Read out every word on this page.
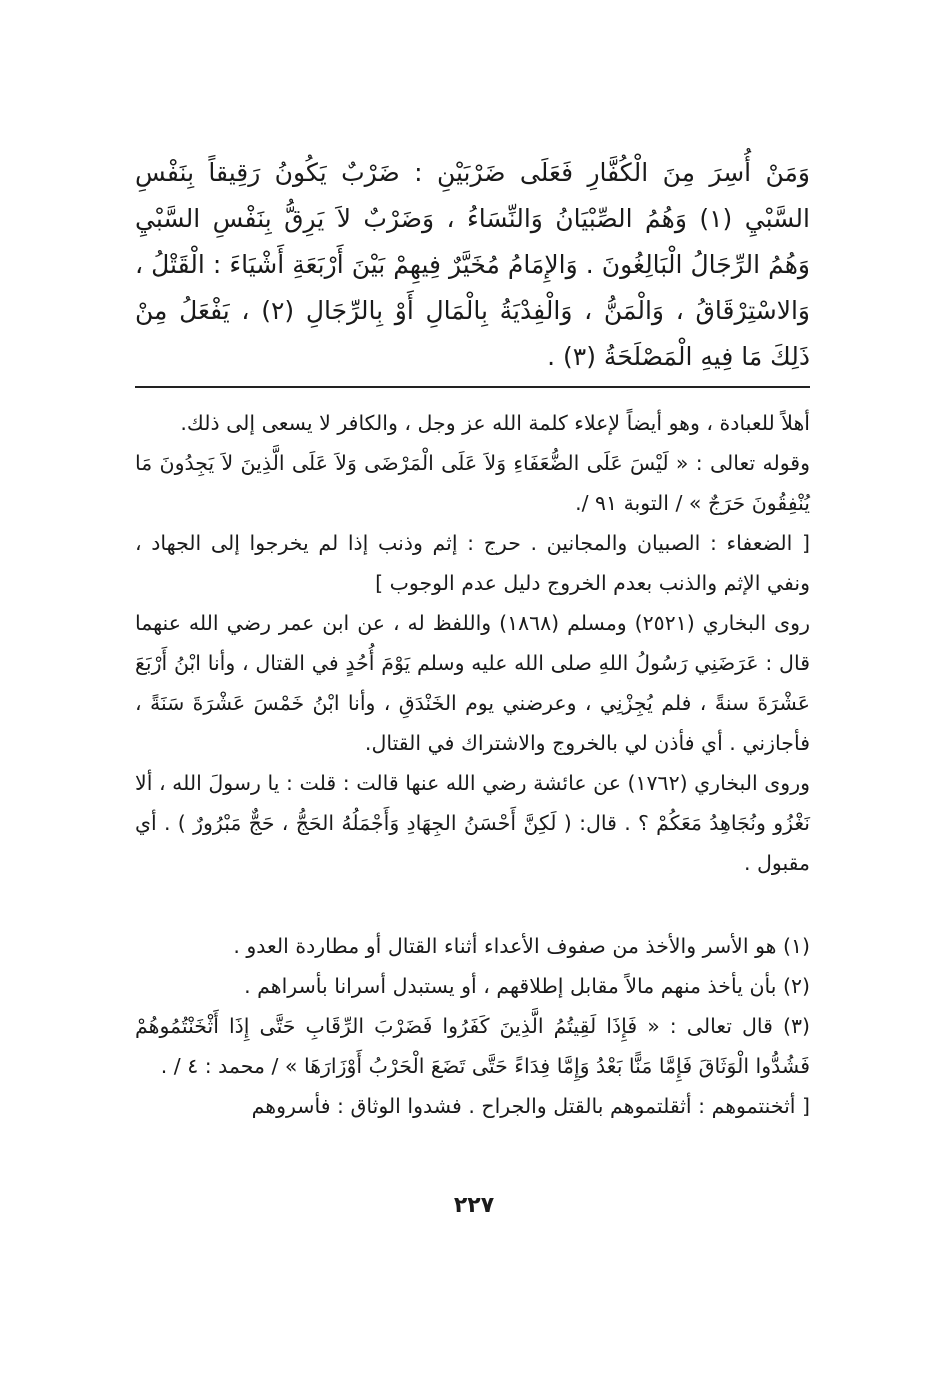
وَمَنْ أُسِرَ مِنَ الْكُفَّارِ فَعَلَى ضَرْبَيْنِ : ضَرْبٌ يَكُونُ رَقِيقاً بِنَفْسِ السَّبْيِ (١) وَهُمُ الصِّبْيَانُ وَالنِّسَاءُ ، وَضَرْبٌ لاَ يَرِقُّ بِنَفْسِ السَّبْيِ وَهُمُ الرِّجَالُ الْبَالِغُونَ . وَالإِمَامُ مُخَيَّرٌ فِيهِمْ بَيْنَ أَرْبَعَةِ أَشْيَاءَ : الْقَتْلُ ، وَالاسْتِرْقَاقُ ، وَالْمَنُّ ، وَالْفِدْيَةُ بِالْمَالِ أَوْ بِالرِّجَالِ (٢) ، يَفْعَلُ مِنْ ذَلِكَ مَا فِيهِ الْمَصْلَحَةُ (٣) .

أهلاً للعبادة ، وهو أيضاً لإعلاء كلمة الله عز وجل ، والكافر لا يسعى إلى ذلك.

وقوله تعالى : « لَيْسَ عَلَى الضُّعَفَاءِ وَلاَ عَلَى الْمَرْضَى وَلاَ عَلَى الَّذِينَ لاَ يَجِدُونَ مَا يُنْفِقُونَ حَرَجٌ » / التوبة ٩١ /.

[ الضعفاء : الصبيان والمجانين . حرج : إثم وذنب إذا لم يخرجوا إلى الجهاد ، ونفي الإثم والذنب بعدم الخروج دليل عدم الوجوب ]

روى البخاري (٢٥٢١) ومسلم (١٨٦٨) واللفظ له ، عن ابن عمر رضي الله عنهما قال : عَرَضَنِي رَسُولُ اللهِ صلى الله عليه وسلم يَوْمَ أُحُدٍ في القتال ، وأنا ابْنُ أَرْبَعَ عَشْرَةَ سنةً ، فلم يُجِزْنِي ، وعرضني يوم الخَنْدَقِ ، وأنا ابْنُ خَمْسَ عَشْرَةَ سَنَةً ، فأجازني . أي فأذن لي بالخروج والاشتراك في القتال.

وروى البخاري (١٧٦٢) عن عائشة رضي الله عنها قالت : قلت : يا رسولَ الله ، ألا نَغْزُو ونُجَاهِدُ مَعَكُمْ ؟ . قال: ( لَكِنَّ أَحْسَنُ الجِهَادِ وَأَجْمَلُهُ الحَجُّ ، حَجٌّ مَبْرُورٌ ) . أي مقبول .

(١) هو الأسر والأخذ من صفوف الأعداء أثناء القتال أو مطاردة العدو .

(٢) بأن يأخذ منهم مالاً مقابل إطلاقهم ، أو يستبدل أسرانا بأسراهم .

(٣) قال تعالى : « فَإِذَا لَقِيتُمُ الَّذِينَ كَفَرُوا فَضَرْبَ الرِّقَابِ حَتَّى إِذَا أَثْخَنْتُمُوهُمْ فَشُدُّوا الْوَثَاقَ فَإِمَّا مَنًّا بَعْدُ وَإِمَّا فِدَاءً حَتَّى تَضَعَ الْحَرْبُ أَوْزَارَهَا » / محمد : ٤ / .

[ أثخنتموهم : أثقلتموهم بالقتل والجراح . فشدوا الوثاق : فأسروهم

٢٢٧
